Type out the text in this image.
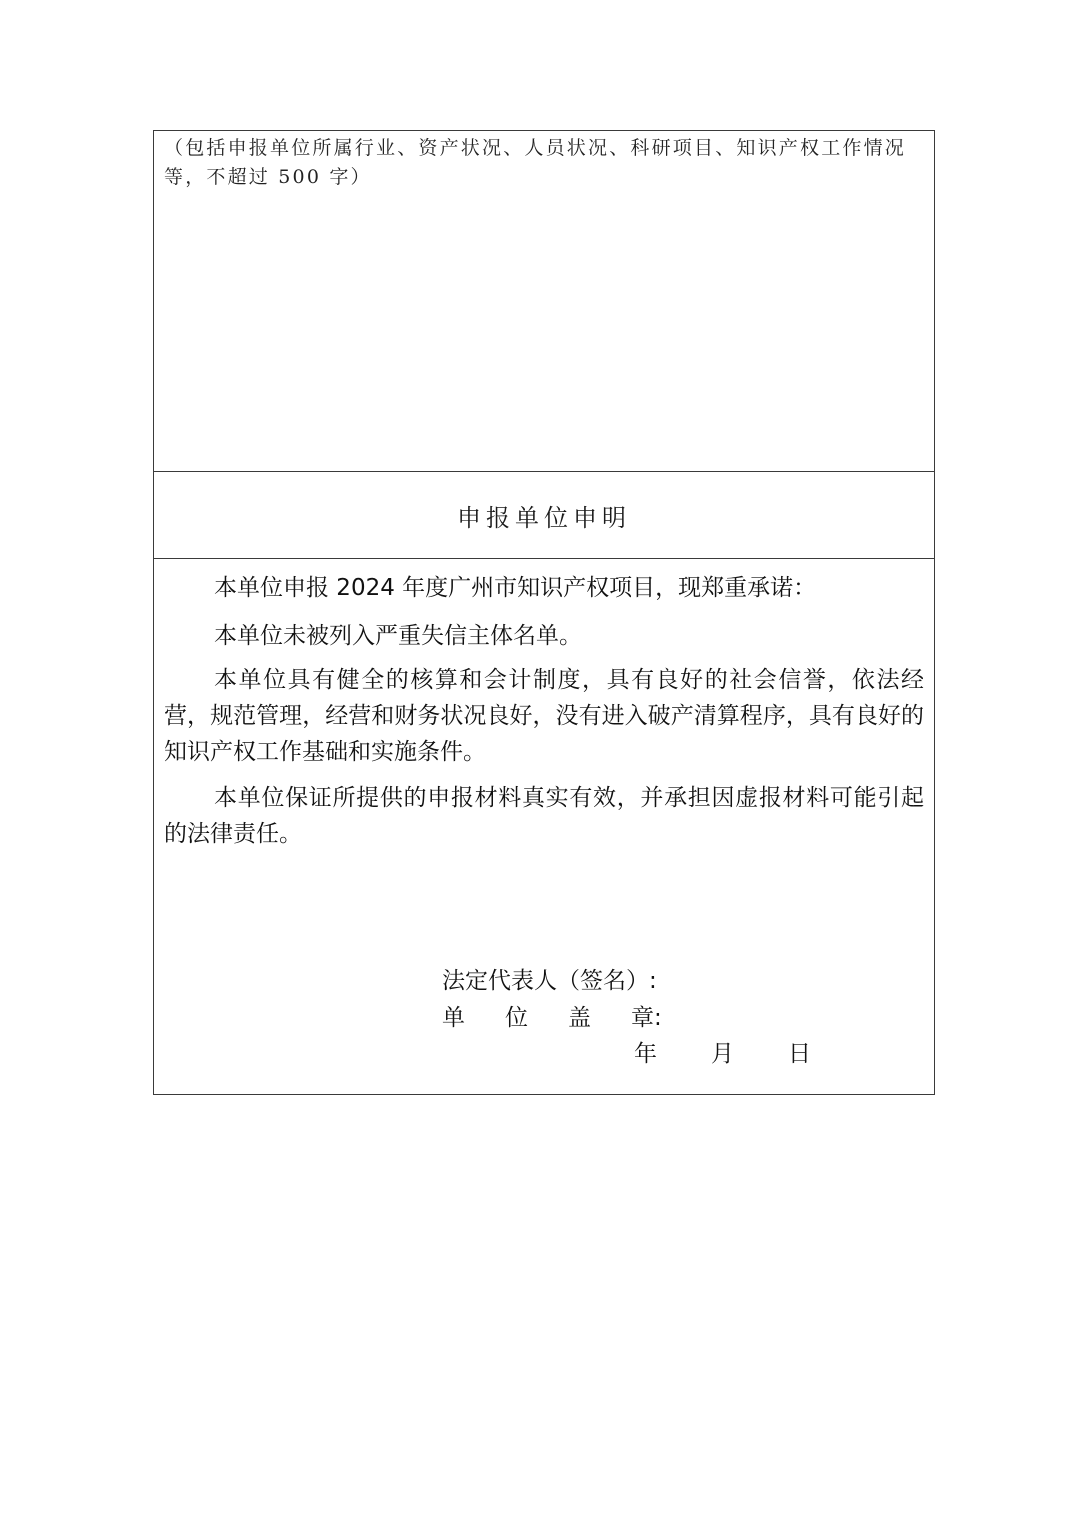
（包括申报单位所属行业、资产状况、人员状况、科研项目、知识产权工作情况等，不超过 500 字）

申报单位申明

本单位申报 2024 年度广州市知识产权项目，现郑重承诺：

本单位未被列入严重失信主体名单。

本单位具有健全的核算和会计制度，具有良好的社会信誉，依法经营，规范管理，经营和财务状况良好，没有进入破产清算程序，具有良好的知识产权工作基础和实施条件。

本单位保证所提供的申报材料真实有效，并承担因虚报材料可能引起的法律责任。

法定代表人（签名）:

单 位 盖 章:

年 月 日
